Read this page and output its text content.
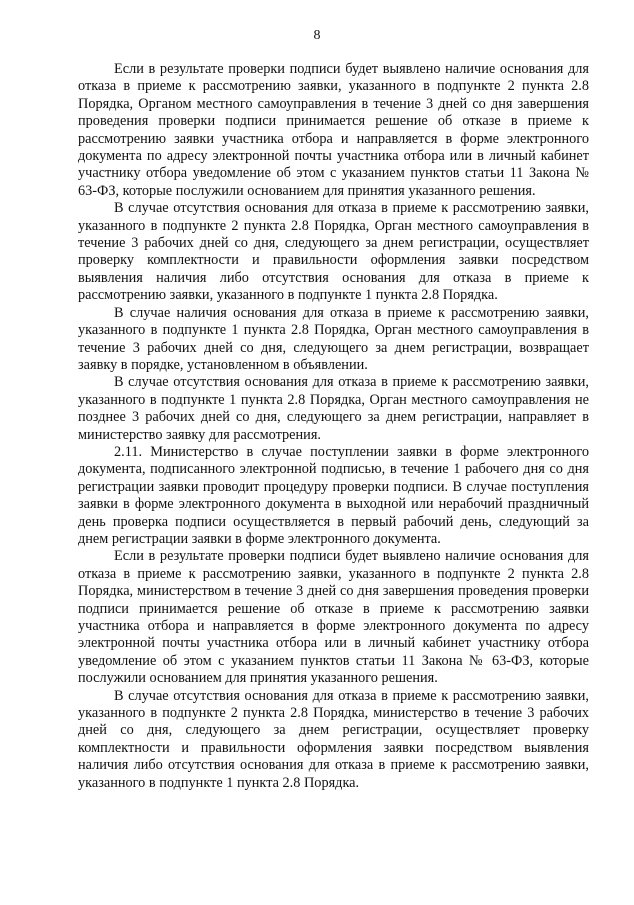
8

Если в результате проверки подписи будет выявлено наличие основания для отказа в приеме к рассмотрению заявки, указанного в подпункте 2 пункта 2.8 Порядка, Органом местного самоуправления в течение 3 дней со дня завершения проведения проверки подписи принимается решение об отказе в приеме к рассмотрению заявки участника отбора и направляется в форме электронного документа по адресу электронной почты участника отбора или в личный кабинет участнику отбора уведомление об этом с указанием пунктов статьи 11 Закона № 63-ФЗ, которые послужили основанием для принятия указанного решения.

В случае отсутствия основания для отказа в приеме к рассмотрению заявки, указанного в подпункте 2 пункта 2.8 Порядка, Орган местного самоуправления в течение 3 рабочих дней со дня, следующего за днем регистрации, осуществляет проверку комплектности и правильности оформления заявки посредством выявления наличия либо отсутствия основания для отказа в приеме к рассмотрению заявки, указанного в подпункте 1 пункта 2.8 Порядка.

В случае наличия основания для отказа в приеме к рассмотрению заявки, указанного в подпункте 1 пункта 2.8 Порядка, Орган местного самоуправления в течение 3 рабочих дней со дня, следующего за днем регистрации, возвращает заявку в порядке, установленном в объявлении.

В случае отсутствия основания для отказа в приеме к рассмотрению заявки, указанного в подпункте 1 пункта 2.8 Порядка, Орган местного самоуправления не позднее 3 рабочих дней со дня, следующего за днем регистрации, направляет в министерство заявку для рассмотрения.

2.11. Министерство в случае поступлении заявки в форме электронного документа, подписанного электронной подписью, в течение 1 рабочего дня со дня регистрации заявки проводит процедуру проверки подписи. В случае поступления заявки в форме электронного документа в выходной или нерабочий праздничный день проверка подписи осуществляется в первый рабочий день, следующий за днем регистрации заявки в форме электронного документа.

Если в результате проверки подписи будет выявлено наличие основания для отказа в приеме к рассмотрению заявки, указанного в подпункте 2 пункта 2.8 Порядка, министерством в течение 3 дней со дня завершения проведения проверки подписи принимается решение об отказе в приеме к рассмотрению заявки участника отбора и направляется в форме электронного документа по адресу электронной почты участника отбора или в личный кабинет участнику отбора уведомление об этом с указанием пунктов статьи 11 Закона № 63-ФЗ, которые послужили основанием для принятия указанного решения.

В случае отсутствия основания для отказа в приеме к рассмотрению заявки, указанного в подпункте 2 пункта 2.8 Порядка, министерство в течение 3 рабочих дней со дня, следующего за днем регистрации, осуществляет проверку комплектности и правильности оформления заявки посредством выявления наличия либо отсутствия основания для отказа в приеме к рассмотрению заявки, указанного в подпункте 1 пункта 2.8 Порядка.
